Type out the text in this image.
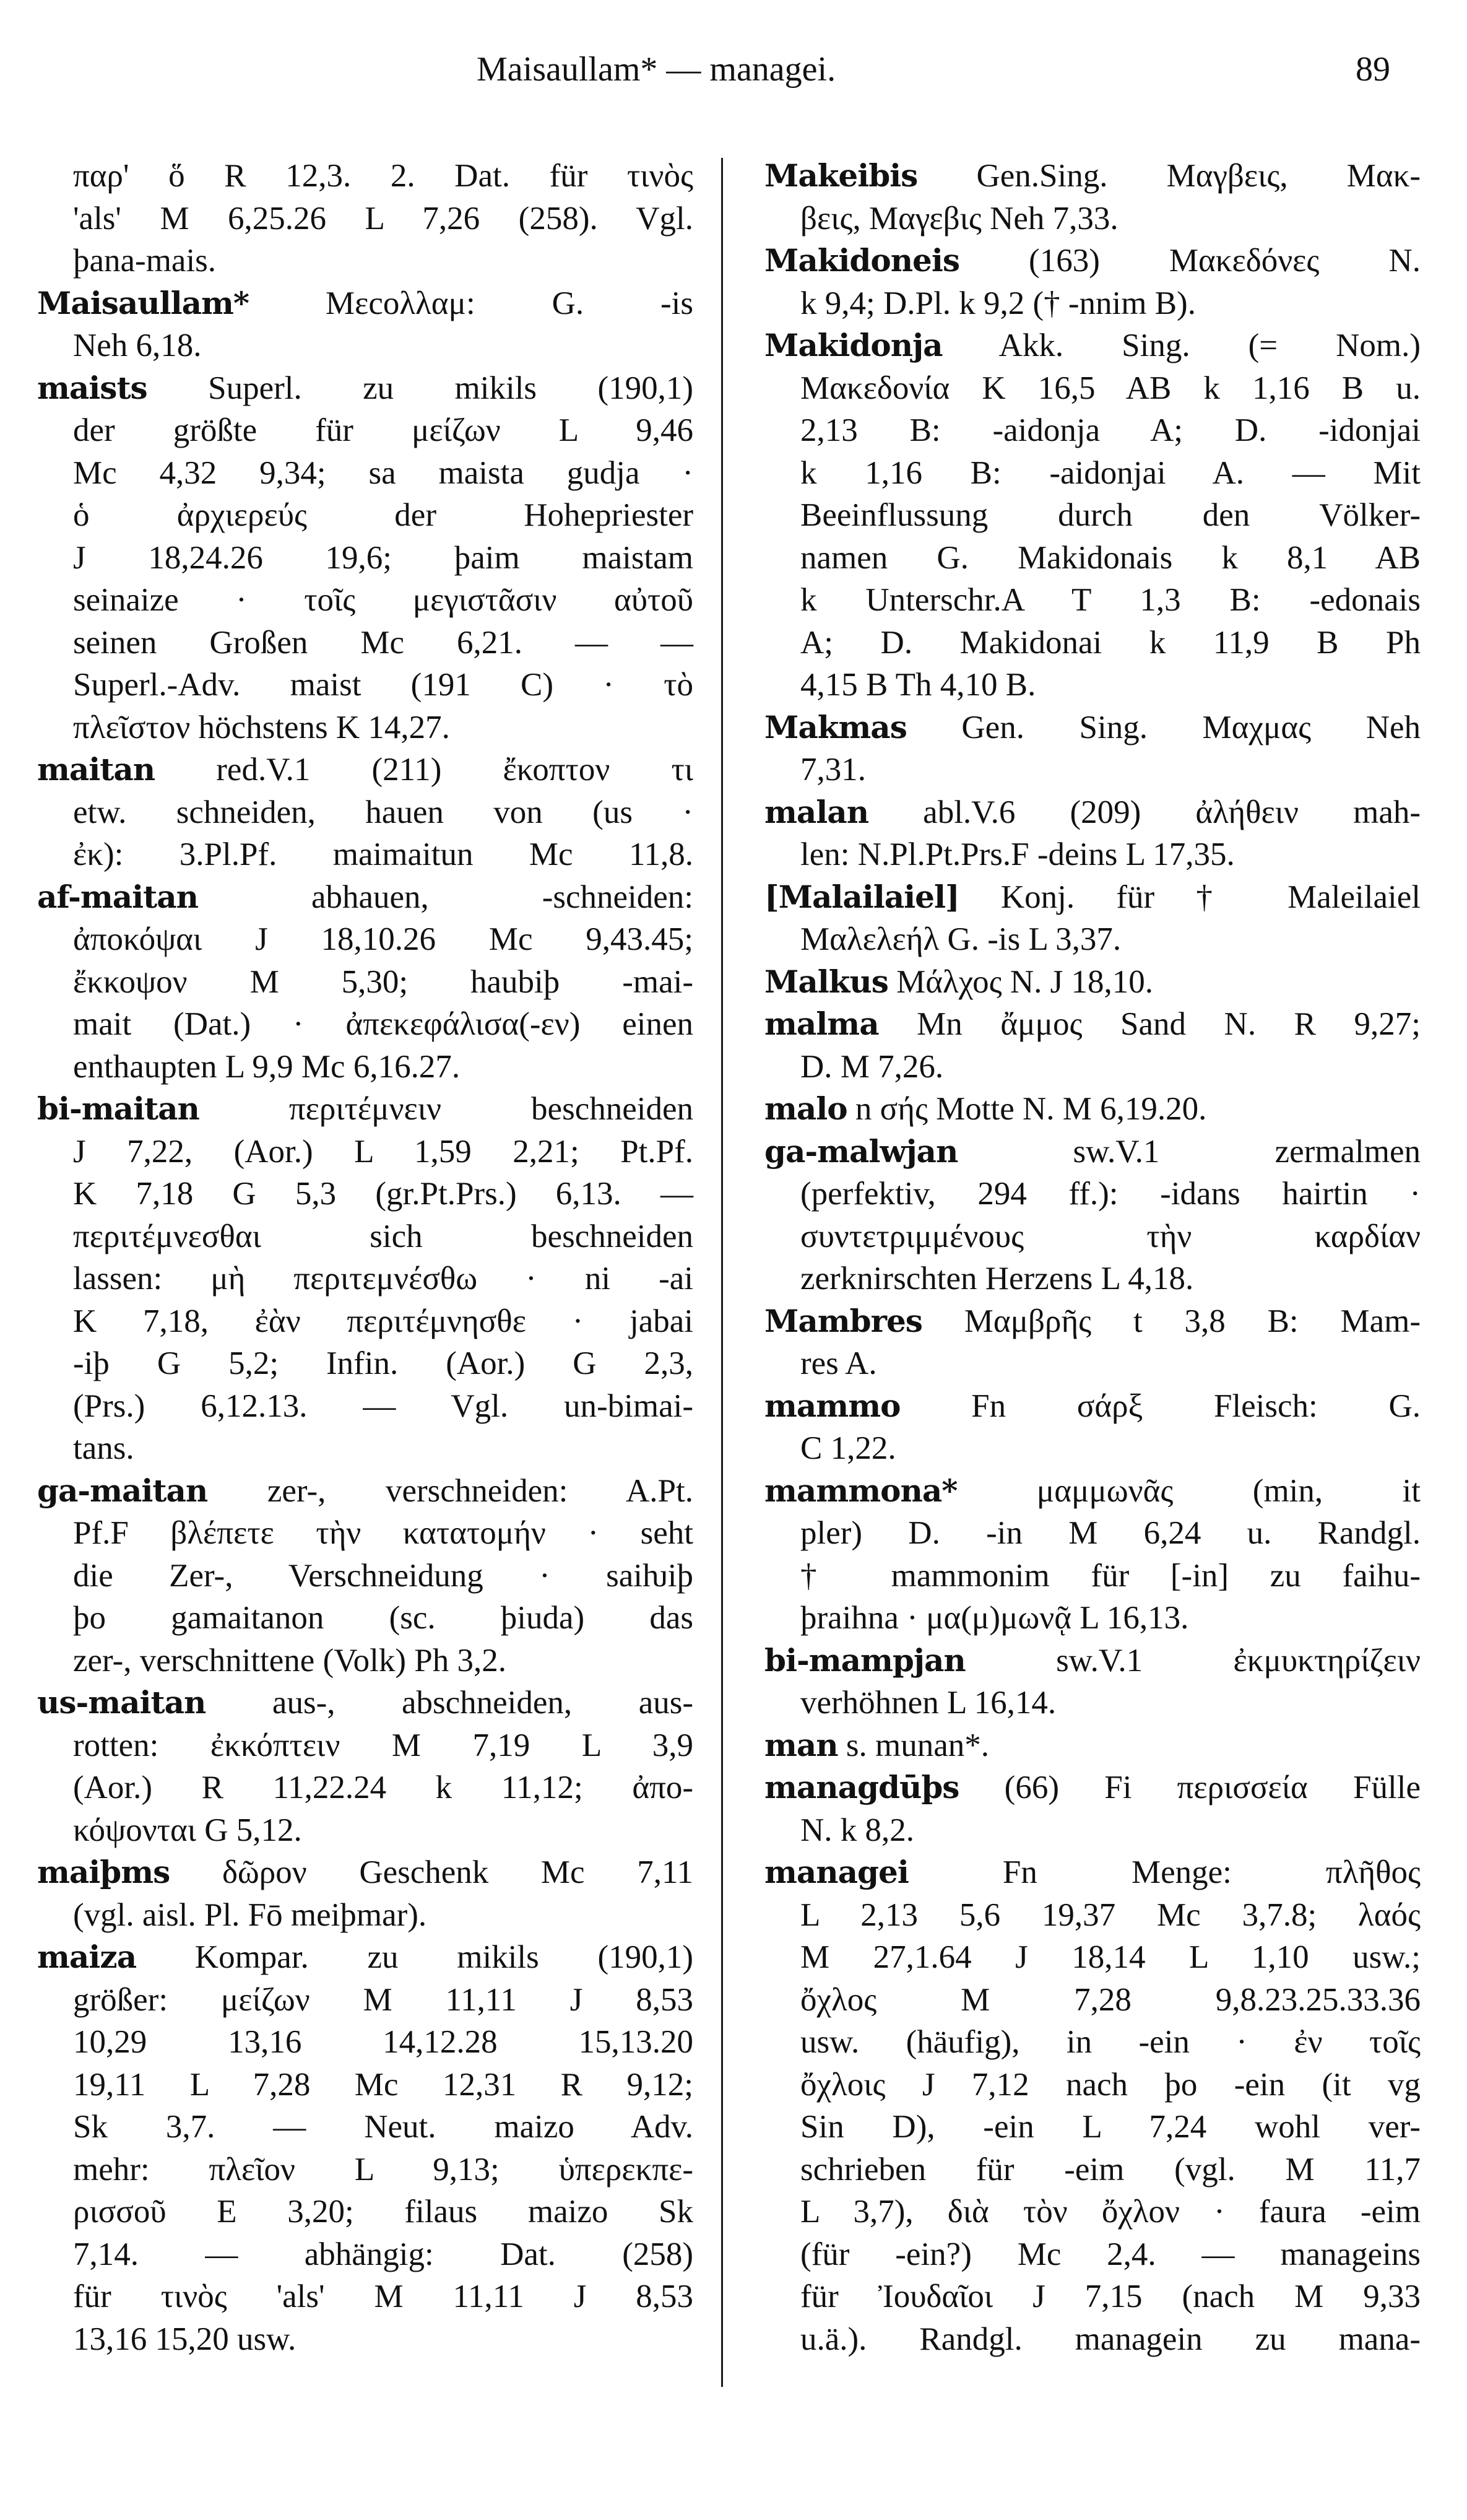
Maisaullam* — managei.	89
παρ' ὅ R 12,3. 2. Dat. für τινὸς
'als' M 6,25.26 L 7,26 (258). Vgl.
þana-mais.
Maisaullam* Μεcολλαμ: G. -is
Neh 6,18.
maists Superl. zu mikils (190,1)
der größte für μείζων L 9,46
Mc 4,32 9,34; sa maista gudja ·
ὁ ἀρχιερεύς der Hohepriester
J 18,24.26 19,6; þaim maistam
seinaize · τοῖς μεγιστᾶσιν αὐτοῦ
seinen Großen Mc 6,21. — —
Superl.-Adv. maist (191 C) · τὸ
πλεῖστον höchstens K 14,27.
maitan red.V.1 (211) ἔκοπτον τι
etw. schneiden, hauen von (us ·
ἐκ): 3.Pl.Pf. maimaitun Mc 11,8.
af-maitan abhauen, -schneiden:
ἀποκόψαι J 18,10.26 Mc 9,43.45;
ἔκκοψον M 5,30; haubiþ -mai-
mait (Dat.) · ἀπεκεφάλισα(-εν) einen
enthaupten L 9,9 Mc 6,16.27.
bi-maitan περιτέμνειν beschneiden
J 7,22, (Aor.) L 1,59 2,21; Pt.Pf.
K 7,18 G 5,3 (gr.Pt.Prs.) 6,13. —
περιτέμνεσθαι sich beschneiden
lassen: μὴ περιτεμνέσθω · ni -ai
K 7,18, ἐὰν περιτέμνησθε · jabai
-iþ G 5,2; Infin. (Aor.) G 2,3,
(Prs.) 6,12.13. — Vgl. un-bimai-
tans.
ga-maitan zer-, verschneiden: A.Pt.
Pf.F βλέπετε τὴν κατατομήν · seht
die Zer-, Verschneidung · saiƕiþ
þo gamaitanon (sc. þiuda) das
zer-, verschnittene (Volk) Ph 3,2.
us-maitan aus-, abschneiden, aus-
rotten: ἐκκόπτειν M 7,19 L 3,9
(Aor.) R 11,22.24 k 11,12; ἀπο-
κόψονται G 5,12.
maiþms δῶρον Geschenk Mc 7,11
(vgl. aisl. Pl. Fō meiþmar).
maiza Kompar. zu mikils (190,1)
größer: μείζων M 11,11 J 8,53
10,29 13,16 14,12.28 15,13.20
19,11 L 7,28 Mc 12,31 R 9,12;
Sk 3,7. — Neut. maizo Adv.
mehr: πλεῖον L 9,13; ὑπερεκπε-
ρισσοῦ E 3,20; filaus maizo Sk
7,14. — abhängig: Dat. (258)
für τινὸς 'als' M 11,11 J 8,53
13,16 15,20 usw.
Makeibis Gen.Sing. Μαγβεις, Μακ-
βεις, Μαγεβις Neh 7,33.
Makidoneis (163) Μακεδόνες N.
k 9,4; D.Pl. k 9,2 († -nnim B).
Makidonja Akk. Sing. (= Nom.)
Μακεδονία K 16,5 AB k 1,16 B u.
2,13 B: -aidonja A; D. -idonjai
k 1,16 B: -aidonjai A. — Mit
Beeinflussung durch den Völker-
namen G. Makidonais k 8,1 AB
k Unterschr.A T 1,3 B: -edonais
A; D. Makidonai k 11,9 B Ph
4,15 B Th 4,10 B.
Makmas Gen. Sing. Μαχμας Neh
7,31.
malan abl.V.6 (209) ἀλήθειν mah-
len: N.Pl.Pt.Prs.F -deins L 17,35.
[Malailaiel] Konj. für † Maleilaiel
Μαλελεήλ G. -is L 3,37.
Malkus Μάλχος N. J 18,10.
malma Mn ἄμμος Sand N. R 9,27;
D. M 7,26.
malo n σής Motte N. M 6,19.20.
ga-malwjan sw.V.1 zermalmen
(perfektiv, 294 ff.): -idans hairtin ·
συντετριμμένους τὴν καρδίαν
zerknirschten Herzens L 4,18.
Mambres Μαμβρῆς t 3,8 B: Mam-
res A.
mammo Fn σάρξ Fleisch: G.
C 1,22.
mammona* μαμμωνᾶς (min, it
pler) D. -in M 6,24 u. Randgl.
† mammonim für [-in] zu faihu-
þraihna · μα(μ)μωνᾷ L 16,13.
bi-mampjan sw.V.1 ἐκμυκτηρίζειν
verhöhnen L 16,14.
man s. munan*.
managdūþs (66) Fi περισσεία Fülle
N. k 8,2.
managei Fn Menge: πλῆθος
L 2,13 5,6 19,37 Mc 3,7.8; λαός
M 27,1.64 J 18,14 L 1,10 usw.;
ὄχλος M 7,28 9,8.23.25.33.36
usw. (häufig), in -ein · ἐν τοῖς
ὄχλοις J 7,12 nach þo -ein (it vg
Sin D), -ein L 7,24 wohl ver-
schrieben für -eim (vgl. M 11,7
L 3,7), διὰ τὸν ὄχλον · faura -eim
(für -ein?) Mc 2,4. — manageins
für Ἰουδαῖοι J 7,15 (nach M 9,33
u.ä.). Randgl. managein zu mana-
